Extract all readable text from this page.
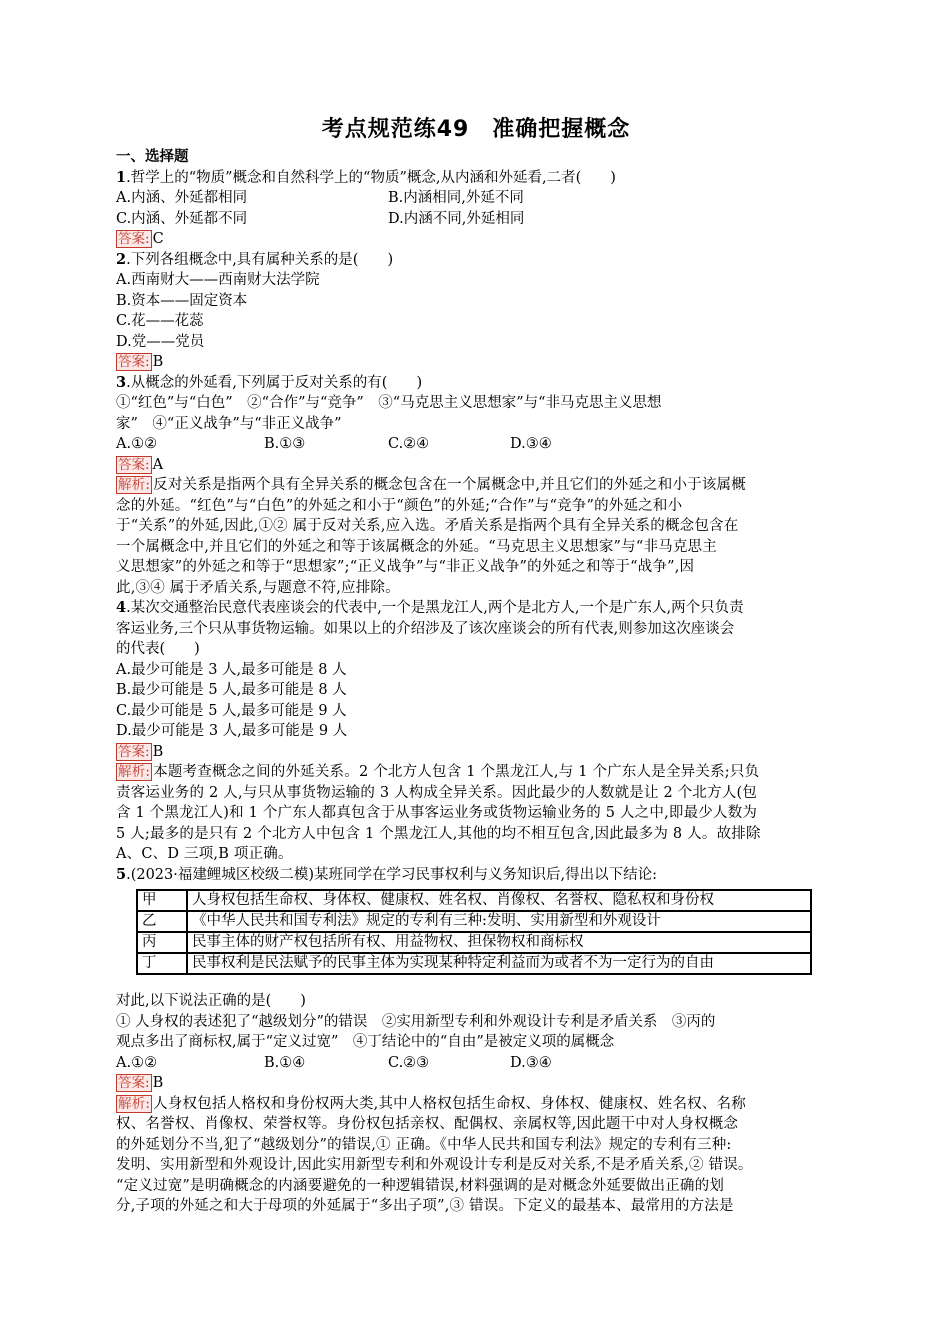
考点规范练49　准确把握概念
一、选择题
1.哲学上的“物质”概念和自然科学上的“物质”概念,从内涵和外延看,二者(　　)
A.内涵、外延都相同	B.内涵相同,外延不同
C.内涵、外延都不同	D.内涵不同,外延相同
答案: C
2.下列各组概念中,具有属种关系的是(　　)
A.西南财大——西南财大法学院
B.资本——固定资本
C.花——花蕊
D.党——党员
答案: B
3.从概念的外延看,下列属于反对关系的有(　　)
①“红色”与“白色”　②“合作”与“竞争”　③“马克思主义思想家”与“非马克思主义思想
家”　④“正义战争”与“非正义战争”
A.①②	B.①③	C.②④	D.③④
答案: A
解析: 反对关系是指两个具有全异关系的概念包含在一个属概念中,并且它们的外延之和小于该属概
念的外延。“红色”与“白色”的外延之和小于“颜色”的外延;“合作”与“竞争”的外延之和小
于“关系”的外延,因此,①② 属于反对关系,应入选。矛盾关系是指两个具有全异关系的概念包含在
一个属概念中,并且它们的外延之和等于该属概念的外延。“马克思主义思想家”与“非马克思主
义思想家”的外延之和等于“思想家”;“正义战争”与“非正义战争”的外延之和等于“战争”,因
此,③④ 属于矛盾关系,与题意不符,应排除。
4.某次交通整治民意代表座谈会的代表中,一个是黑龙江人,两个是北方人,一个是广东人,两个只负责
客运业务,三个只从事货物运输。如果以上的介绍涉及了该次座谈会的所有代表,则参加这次座谈会
的代表(　　)
A.最少可能是 3 人,最多可能是 8 人
B.最少可能是 5 人,最多可能是 8 人
C.最少可能是 5 人,最多可能是 9 人
D.最少可能是 3 人,最多可能是 9 人
答案: B
解析: 本题考查概念之间的外延关系。2 个北方人包含 1 个黑龙江人,与 1 个广东人是全异关系;只负
责客运业务的 2 人,与只从事货物运输的 3 人构成全异关系。因此最少的人数就是让 2 个北方人(包
含 1 个黑龙江人)和 1 个广东人都真包含于从事客运业务或货物运输业务的 5 人之中,即最少人数为
5 人;最多的是只有 2 个北方人中包含 1 个黑龙江人,其他的均不相互包含,因此最多为 8 人。故排除
A、C、D 三项,B 项正确。
5.(2023·福建鲤城区校级二模)某班同学在学习民事权利与义务知识后,得出以下结论:
甲	人身权包括生命权、身体权、健康权、姓名权、肖像权、名誉权、隐私权和身份权
乙	《中华人民共和国专利法》规定的专利有三种:发明、实用新型和外观设计
丙	民事主体的财产权包括所有权、用益物权、担保物权和商标权
丁	民事权利是民法赋予的民事主体为实现某种特定利益而为或者不为一定行为的自由
对此,以下说法正确的是(　　)
① 人身权的表述犯了“越级划分”的错误　②实用新型专利和外观设计专利是矛盾关系　③丙的
观点多出了商标权,属于“定义过宽”　④丁结论中的“自由”是被定义项的属概念
A.①②	B.①④	C.②③	D.③④
答案: B
解析: 人身权包括人格权和身份权两大类,其中人格权包括生命权、身体权、健康权、姓名权、名称
权、名誉权、肖像权、荣誉权等。身份权包括亲权、配偶权、亲属权等,因此题干中对人身权概念
的外延划分不当,犯了“越级划分”的错误,① 正确。《中华人民共和国专利法》规定的专利有三种:
发明、实用新型和外观设计,因此实用新型专利和外观设计专利是反对关系,不是矛盾关系,② 错误。
“定义过宽”是明确概念的内涵要避免的一种逻辑错误,材料强调的是对概念外延要做出正确的划
分,子项的外延之和大于母项的外延属于“多出子项”,③ 错误。下定义的最基本、最常用的方法是
